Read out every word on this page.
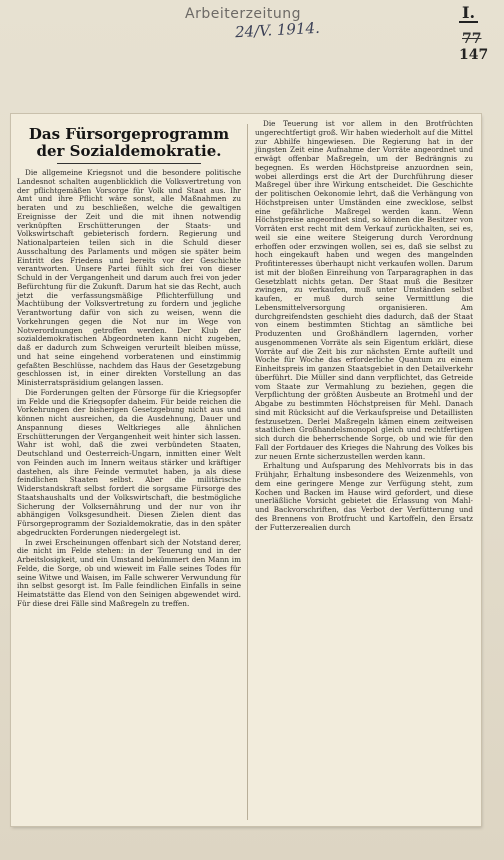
Arbeiterzeitung
24/V. 1914.
I.
77
147
Das Fürsorgeprogramm der Sozialdemokratie.

Die allgemeine Kriegsnot und die besondere politische Landesnot schalten augenblicklich die Volksvertretung von der pflichtgemäßen Vorsorge für Volk und Staat aus. Ihr Amt und ihre Pflicht wäre sonst, alle Maßnahmen zu beraten und zu beschließen, welche die gewaltigen Ereignisse der Zeit und die mit ihnen notwendig verknüpften Erschütterungen der Staats- und Volkswirtschaft gebieterisch fordern. Regierung und Nationalparteien teilen sich in die Schuld dieser Ausschaltung des Parlaments und mögen sie später beim Eintritt des Friedens und bereits vor der Geschichte verantworten. Unsere Partei fühlt sich frei von dieser Schuld in der Vergangenheit und darum auch frei von jeder Befürchtung für die Zukunft. Darum hat sie das Recht, auch jetzt die verfassungsmäßige Pflichterfüllung und Machtübung der Volksvertretung zu fordern und jegliche Verantwortung dafür von sich zu weisen, wenn die Vorkehrungen gegen die Not nur im Wege von Notverordnungen getroffen werden. Der Klub der sozialdemokratischen Abgeordneten kann nicht zugeben, daß er dadurch zum Schweigen verurteilt bleiben müsse, und hat seine eingehend vorberatenen und einstimmig gefaßten Beschlüsse, nachdem das Haus der Gesetzgebung geschlossen ist, in einer direkten Vorstellung an das Ministerratspräsidium gelangen lassen.

Die Forderungen gelten der Fürsorge für die Kriegsopfer im Felde und die Kriegsopfer daheim. Für beide reichen die Vorkehrungen der bisherigen Gesetzgebung nicht aus und können nicht ausreichen, da die Ausdehnung, Dauer und Anspannung dieses Weltkrieges alle ähnlichen Erschütterungen der Vergangenheit weit hinter sich lassen. Wahr ist wohl, daß die zwei verbündeten Staaten, Deutschland und Oesterreich-Ungarn, inmitten einer Welt von Feinden auch im Innern weitaus stärker und kräftiger dastehen, als ihre Feinde vermutet haben, ja als diese feindlichen Staaten selbst. Aber die militärische Widerstandskraft selbst fordert die sorgsame Fürsorge des Staatshaushalts und der Volkswirtschaft, die bestmögliche Sicherung der Volksernährung und der nur von ihr abhängigen Volksgesundheit. Diesen Zielen dient das Fürsorgeprogramm der Sozialdemokratie, das in den später abgedruckten Forderungen niedergelegt ist.

In zwei Erscheinungen offenbart sich der Notstand derer, die nicht im Felde stehen: in der Teuerung und in der Arbeitslosigkeit, und ein Umstand bekümmert den Mann im Felde, die Sorge, ob und wieweit im Falle seines Todes für seine Witwe und Waisen, im Falle schwerer Verwundung für ihn selbst gesorgt ist. Im Falle feindlichen Einfalls in seine Heimatstätte das Elend von den Seinigen abgewendet wird. Für diese drei Fälle sind Maßregeln zu treffen.

Die Teuerung ist vor allem in den Brotfrüchten ungerechtfertigt groß. Wir haben wiederholt auf die Mittel zur Abhilfe hingewiesen. Die Regierung hat in der jüngsten Zeit eine Aufnahme der Vorräte angeordnet und erwägt offenbar Maßregeln, um der Bedrängnis zu begegnen. Es werden Höchstpreise anzuordnen sein, wobei allerdings erst die Art der Durchführung dieser Maßregel über ihre Wirkung entscheidet. Die Geschichte der politischen Oekonomie lehrt, daß die Verhängung von Höchstpreisen unter Umständen eine zwecklose, selbst eine gefährliche Maßregel werden kann. Wenn Höchstpreise angeordnet sind, so können die Besitzer von Vorräten erst recht mit dem Verkauf zurückhalten, sei es, weil sie eine weitere Steigerung durch Verordnung erhoffen oder erzwingen wollen, sei es, daß sie selbst zu hoch eingekauft haben und wegen des mangelnden Profitinteresses überhaupt nicht verkaufen wollen. Darum ist mit der bloßen Einreihung von Tarparagraphen in das Gesetzblatt nichts getan. Der Staat muß die Besitzer zwingen, zu verkaufen, muß unter Umständen selbst kaufen, er muß durch seine Vermittlung die Lebensmittelversorgung organisieren. Am durchgreifendsten geschieht dies dadurch, daß der Staat von einem bestimmten Stichtag an sämtliche bei Produzenten und Großhändlern lagernden, vorher ausgenommenen Vorräte als sein Eigentum erklärt, diese Vorräte auf die Zeit bis zur nächsten Ernte aufteilt und Woche für Woche das erforderliche Quantum zu einem Einheitspreis im ganzen Staatsgebiet in den Detailverkehr überführt. Die Müller sind dann verpflichtet, das Getreide vom Staate zur Vermahlung zu beziehen, gegen die Verpflichtung der größten Ausbeute an Brotmehl und der Abgabe zu bestimmten Höchstpreisen für Mehl. Danach sind mit Rücksicht auf die Verkaufspreise und Detaillisten festzusetzen. Derlei Maßregeln kämen einem zeitweisen staatlichen Großhandelsmonopol gleich und rechtfertigen sich durch die beherrschende Sorge, ob und wie für den Fall der Fortdauer des Krieges die Nahrung des Volkes bis zur neuen Ernte sicherzustellen werden kann.

Erhaltung und Aufsparung des Mehlvorrats bis in das Frühjahr, Erhaltung insbesondere des Weizenmehls, von dem eine geringere Menge zur Verfügung steht, zum Kochen und Backen im Hause wird gefordert, und diese unerläßliche Vorsicht gebietet die Erlassung von Mahl- und Backvorschriften, das Verbot der Verfütterung und des Brennens von Brotfrucht und Kartoffeln, den Ersatz der Futterzerealien durch
